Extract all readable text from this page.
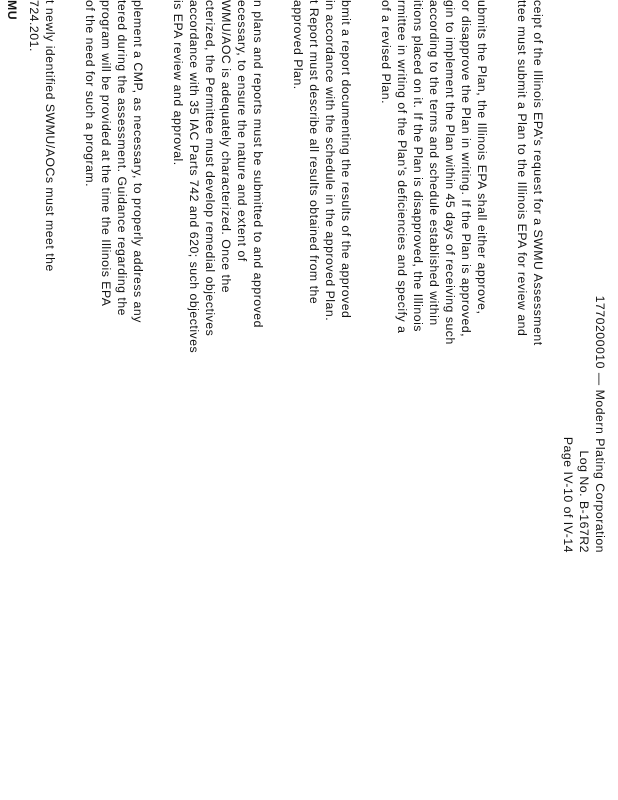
1770200010 — Modern Plating Corporation
Log No. B-167R2
Page IV-10 of IV-14
ceipt of the Illinois EPA’s request for a SWMU Assessment
ttee must submit a Plan to the Illinois EPA for review and
ubmits the Plan, the Illinois EPA shall either approve,
or disapprove the Plan in writing. If the Plan is approved,
gin to implement the Plan within 45 days of receiving such
according to the terms and schedule established within
itions placed on it. If the Plan is disapproved, the Illinois
rmittee in writing of the Plan’s deficiencies and specify a
of a revised Plan.
bmit a report documenting the results of the approved
in accordance with the schedule in the approved Plan.
t Report must describe all results obtained from the
approved Plan.
n plans and reports must be submitted to and approved
ecessary, to ensure the nature and extent of
WMU/AOC is adequately characterized. Once the
cterized, the Permittee must develop remedial objectives
accordance with 35 IAC Parts 742 and 620; such objectives
is EPA review and approval.
plement a CMP, as necessary, to properly address any
tered during the assessment. Guidance regarding the
program will be provided at the time the Illinois EPA
of the need for such a program.
t newly identified SWMU/AOCs must meet the
724.201.
MU
